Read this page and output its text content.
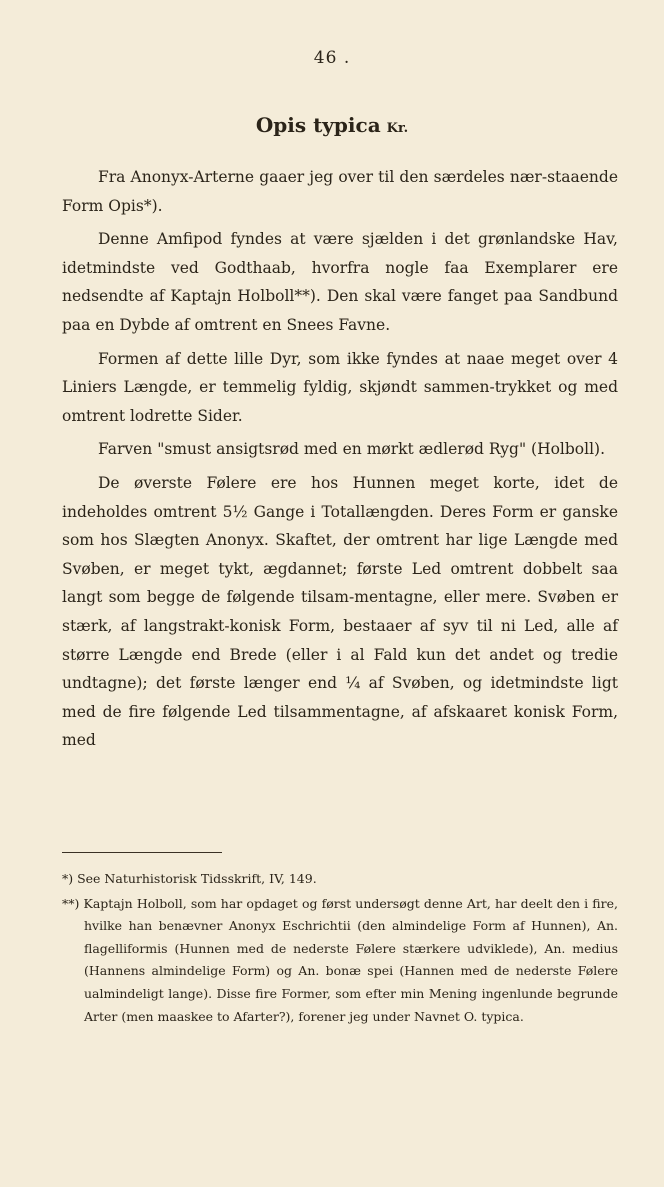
46 .
Opis typica Kr.

Fra Anonyx-Arterne gaaer jeg over til den særdeles nær-staaende Form Opis*).

Denne Amfipod fyndes at være sjælden i det grønlandske Hav, idetmindste ved Godthaab, hvorfra nogle faa Exemplarer ere nedsendte af Kaptajn Holboll**). Den skal være fanget paa Sandbund paa en Dybde af omtrent en Snees Favne.

Formen af dette lille Dyr, som ikke fyndes at naae meget over 4 Liniers Længde, er temmelig fyldig, skjøndt sammen-trykket og med omtrent lodrette Sider.

Farven "smust ansigtsrød med en mørkt ædlerød Ryg" (Holboll).

De øverste Følere ere hos Hunnen meget korte, idet de indeholdes omtrent 5½ Gange i Totallængden. Deres Form er ganske som hos Slægten Anonyx. Skaftet, der omtrent har lige Længde med Svøben, er meget tykt, ægdannet; første Led omtrent dobbelt saa langt som begge de følgende tilsam-mentagne, eller mere. Svøben er stærk, af langstrakt-konisk Form, bestaaer af syv til ni Led, alle af større Længde end Brede (eller i al Fald kun det andet og tredie undtagne); det første længer end ¼ af Svøben, og idetmindste ligt med de fire følgende Led tilsammentagne, af afskaaret konisk Form, med

*) See Naturhistorisk Tidsskrift, IV, 149.

**) Kaptajn Holboll, som har opdaget og først undersøgt denne Art, har deelt den i fire, hvilke han benævner Anonyx Eschrichtii (den almindelige Form af Hunnen), An. flagelliformis (Hunnen med de nederste Følere stærkere udviklede), An. medius (Hannens almindelige Form) og An. bonæ spei (Hannen med de nederste Følere ualmindeligt lange). Disse fire Former, som efter min Mening ingenlunde begrunde Arter (men maaskee to Afarter?), forener jeg under Navnet O. typica.
